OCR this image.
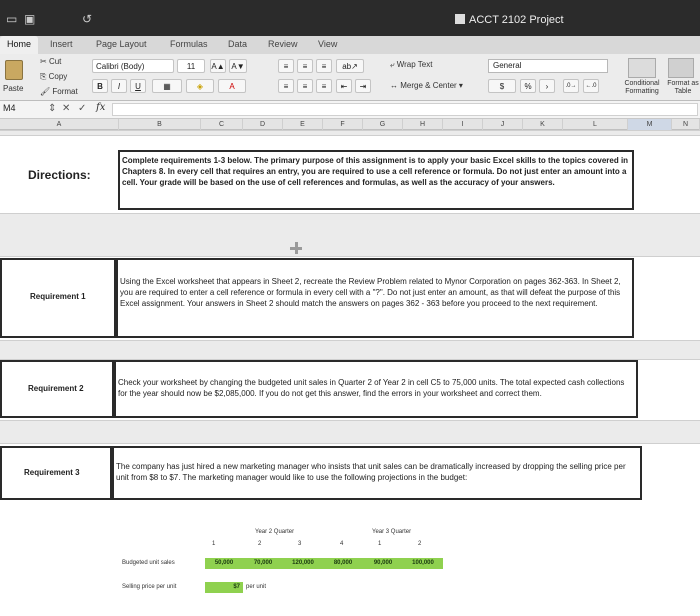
▭ ▣	↺	ACCT 2102 Project
Home	Insert	Page Layout	Formulas Data Review View
Paste
✂ Cut
⎘ Copy
🖌 Format
Calibri (Body)	11	A▲ A▼
B	I	U	▦	◈	A
≡	≡	≡	ab↗
≡	≡	≡	⇤	⇥
⤶ Wrap Text
↔ Merge & Center ▾
General
$	%	›	.0→	←.0	Conditional Formatting
Format as Table
M4	⇕ ✕ ✓ fx
A	B	C	D	E	F	G	H	I	J	K	L	M	N
Directions:
Complete requirements 1-3 below. The primary purpose of this assignment is to apply your basic Excel skills to the topics covered in Chapters 8. In every cell that requires an entry, you are required to use a cell reference or formula. Do not just enter an amount into a cell. Your grade will be based on the use of cell references and formulas, as well as the accuracy of your answers.
Requirement 1
Using the Excel worksheet that appears in Sheet 2, recreate the Review Problem related to Mynor Corporation on pages 362-363. In Sheet 2, you are required to enter a cell reference or formula in every cell with a "?". Do not just enter an amount, as that will defeat the purpose of this Excel assignment. Your answers in Sheet 2 should match the answers on pages 362 - 363 before you proceed to the next requirement.
Requirement 2
Check your worksheet by changing the budgeted unit sales in Quarter 2 of Year 2 in cell C5 to 75,000 units. The total expected cash collections for the year should now be $2,085,000. If you do not get this answer, find the errors in your worksheet and correct them.
Requirement 3
The company has just hired a new marketing manager who insists that unit sales can be dramatically increased by dropping the selling price per unit from $8 to $7. The marketing manager would like to use the following projections in the budget:
Year 2 Quarter	Year 3 Quarter
1	2	3	4	1	2
Budgeted unit sales	50,000	70,000	120,000	80,000	90,000	100,000
Selling price per unit	$7	per unit
